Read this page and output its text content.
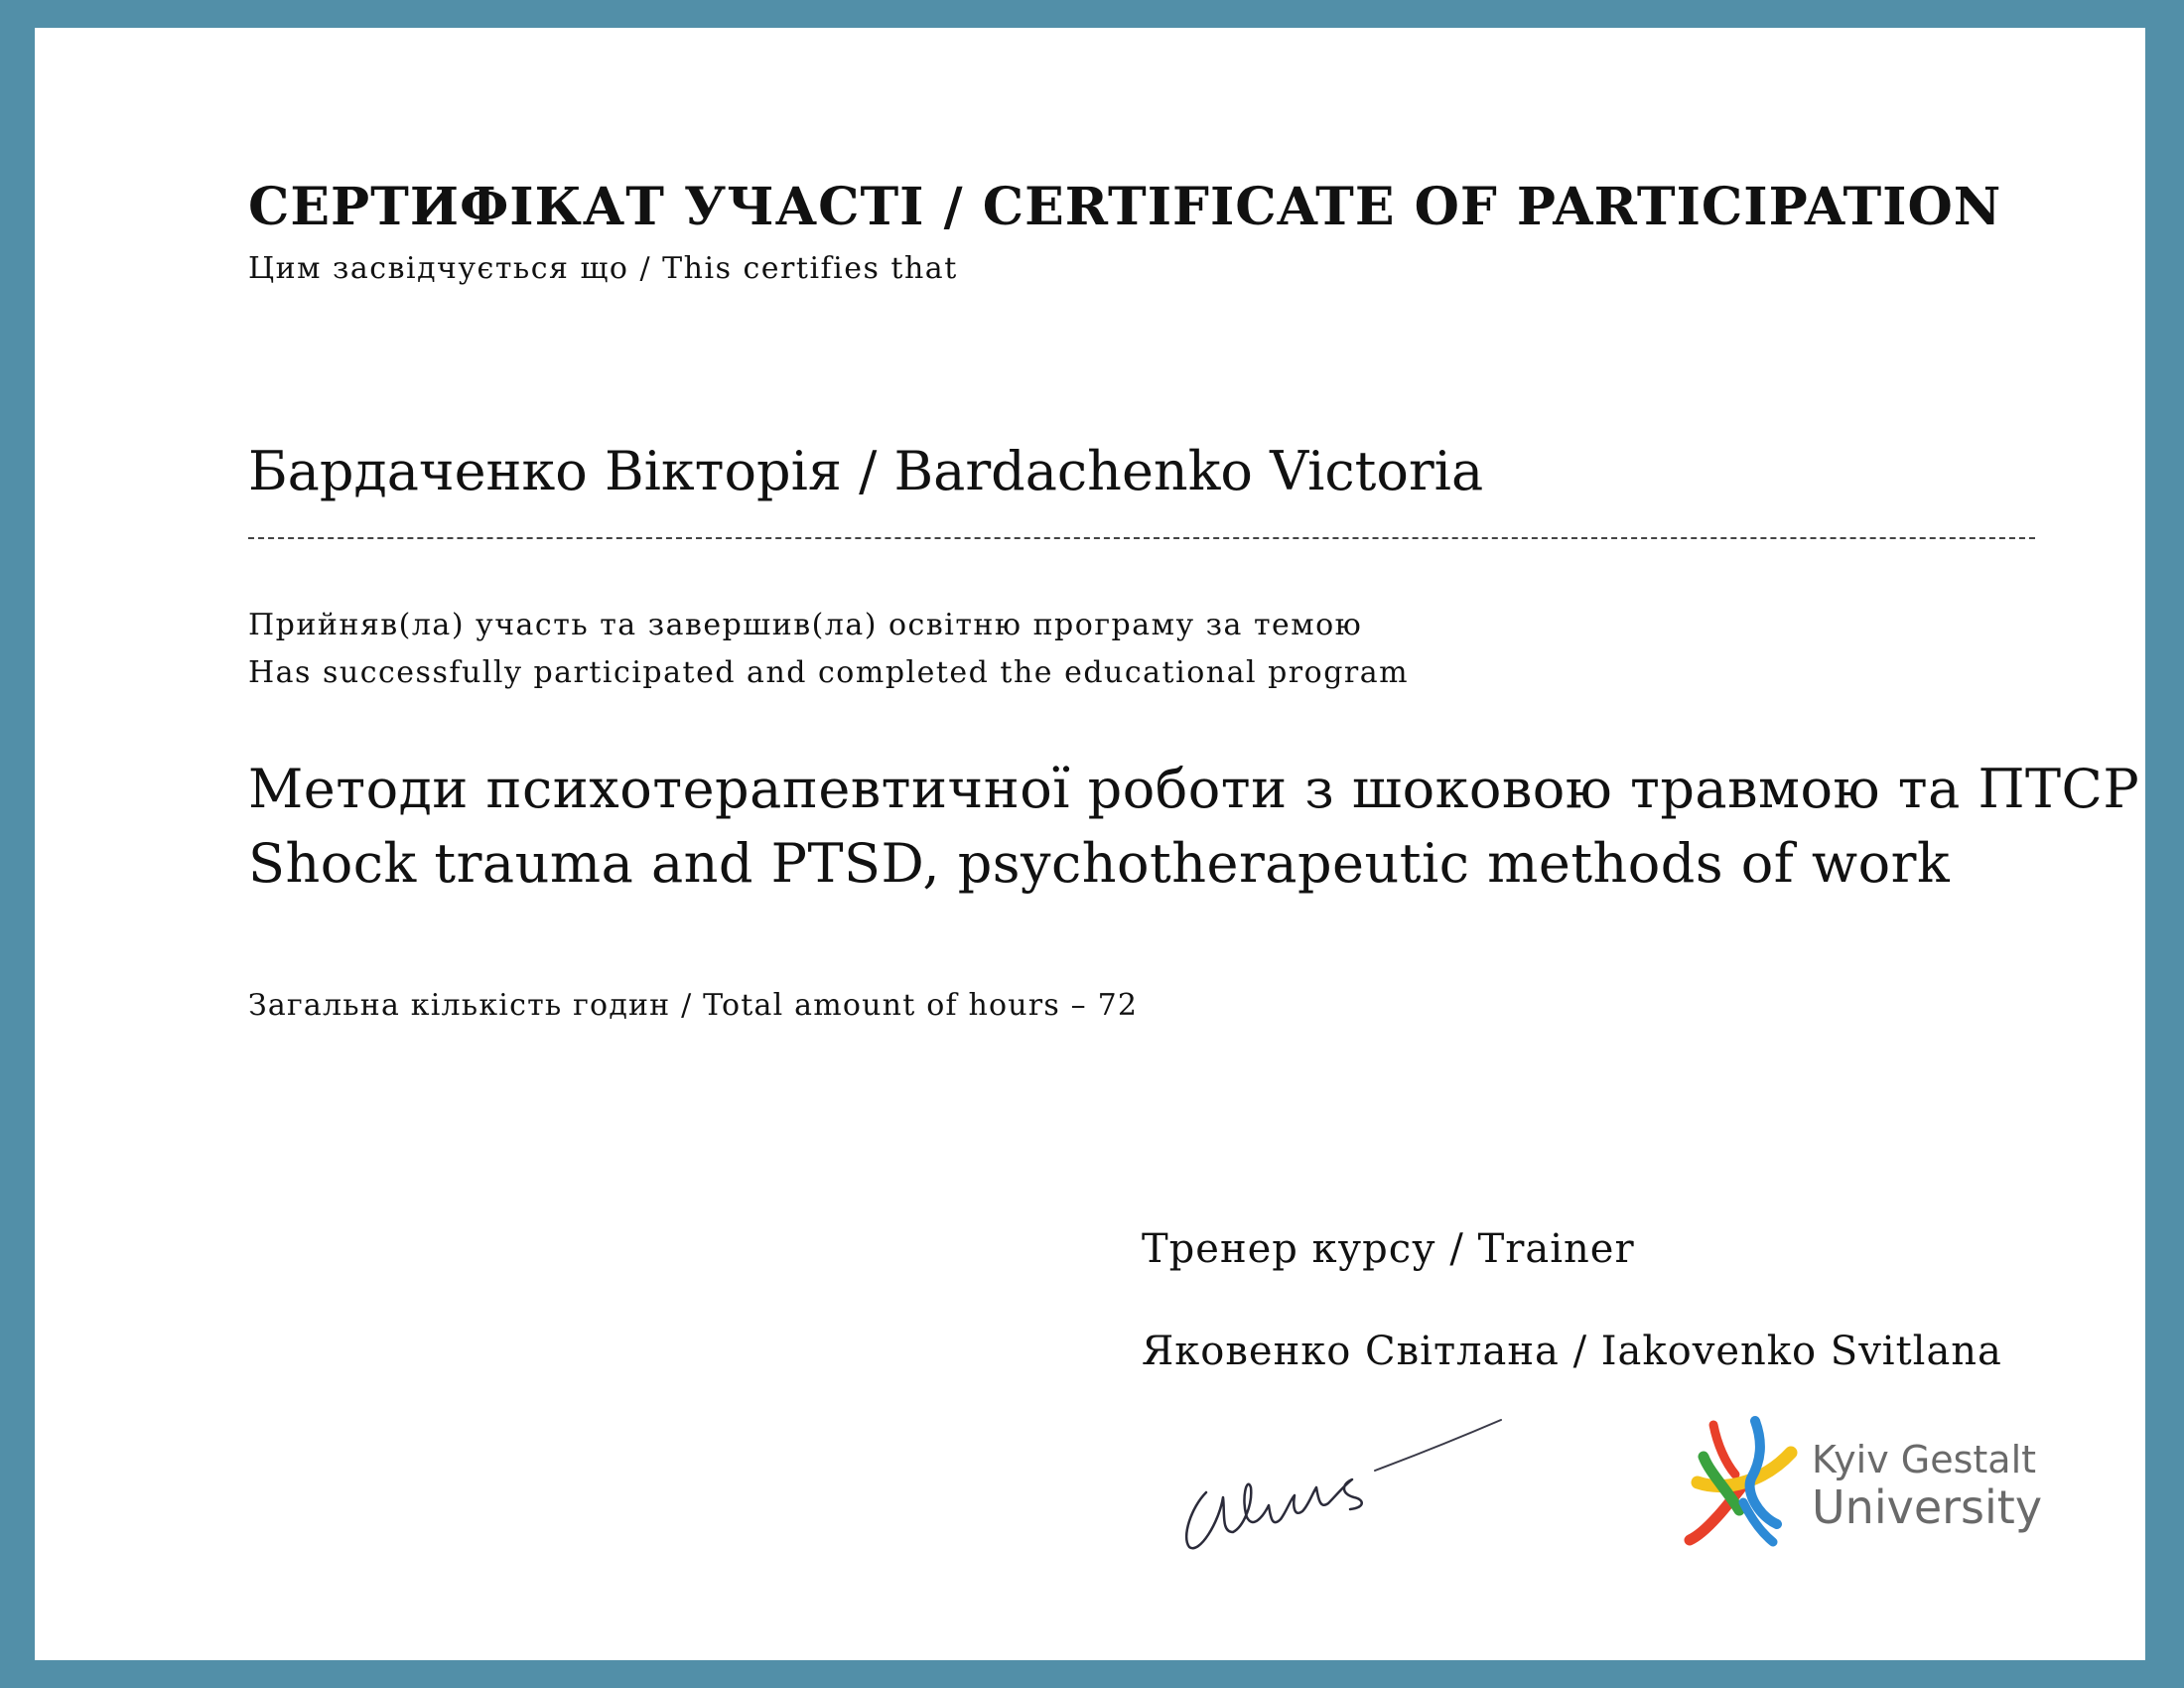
СЕРТИФІКАТ УЧАСТІ / CERTIFICATE OF PARTICIPATION

Цим засвідчується що / This certifies that

Бардаченко Вікторія / Bardachenko Victoria

Прийняв(ла) участь та завершив(ла) освітню програму за темою

Has successfully participated and completed the educational program

Методи психотерапевтичної роботи з шоковою травмою та ПТСР

Shock trauma and PTSD, psychotherapeutic methods of work

Загальна кількість годин / Total amount of hours – 72

Тренер курсу / Trainer

Яковенко Світлана / Iakovenko Svitlana

Kyiv Gestalt
University
